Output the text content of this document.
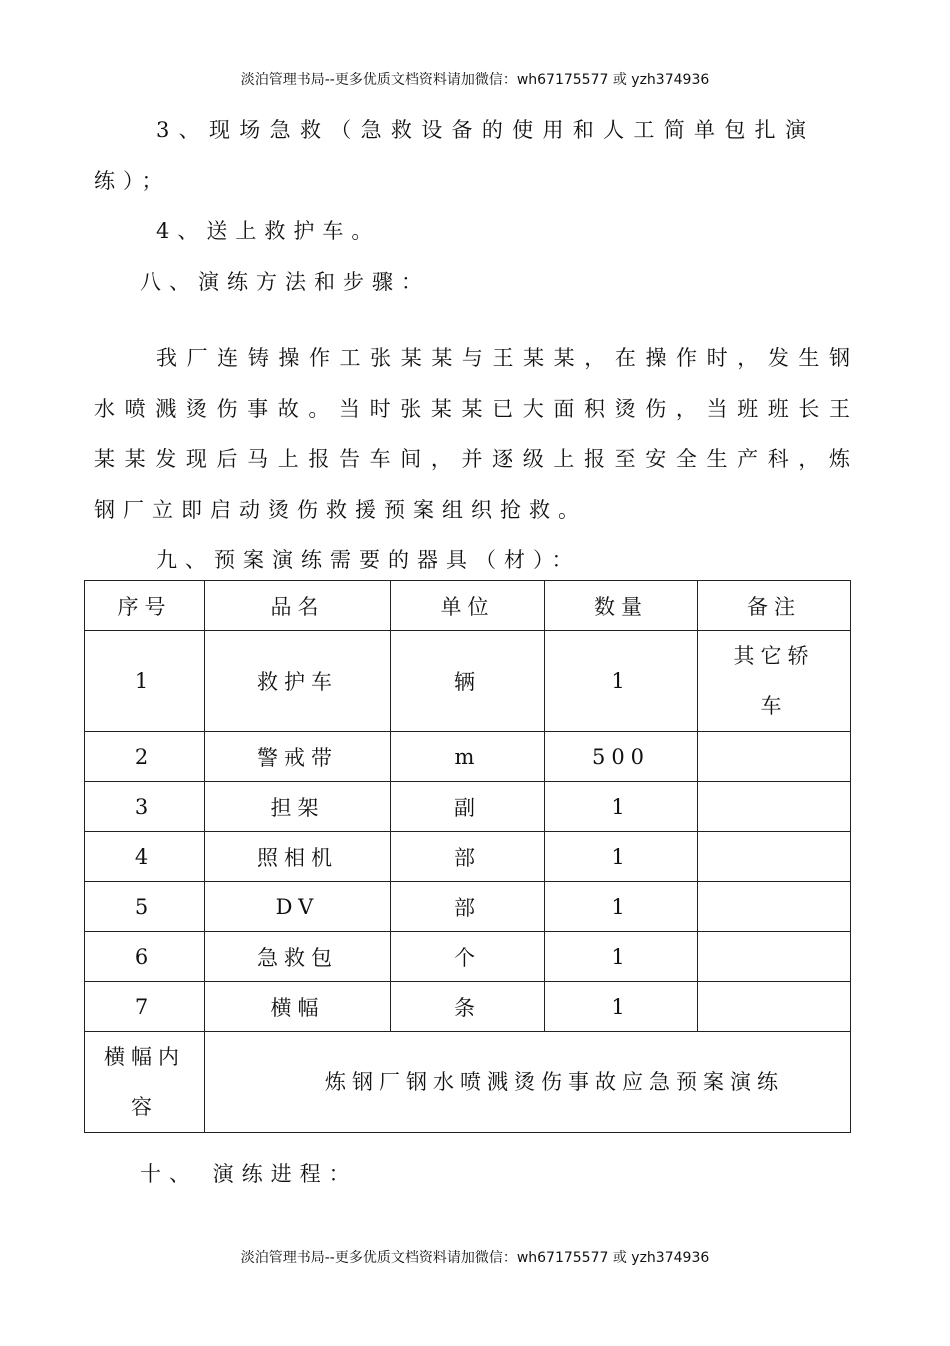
淡泊管理书局--更多优质文档资料请加微信：wh67175577 或 yzh374936
3、现场急救（急救设备的使用和人工简单包扎演
练）；
4、送上救护车。
八、演练方法和步骤：
我厂连铸操作工张某某与王某某，在操作时，发生钢
水喷溅烫伤事故。当时张某某已大面积烫伤，当班班长王
某某发现后马上报告车间，并逐级上报至安全生产科，炼
钢厂立即启动烫伤救援预案组织抢救。
九、预案演练需要的器具（材）：
序号	品名	单位	数量	备注
1	救护车	辆	1	其它轿
车

2	警戒带	m	500	
3	担架	副	1	
4	照相机	部	1	
5	DV	部	1	
6	急救包	个	1	
7	横幅	条	1	

横幅内
容	炼钢厂钢水喷溅烫伤事故应急预案演练			
十、 演练进程：
淡泊管理书局--更多优质文档资料请加微信：wh67175577 或 yzh374936
